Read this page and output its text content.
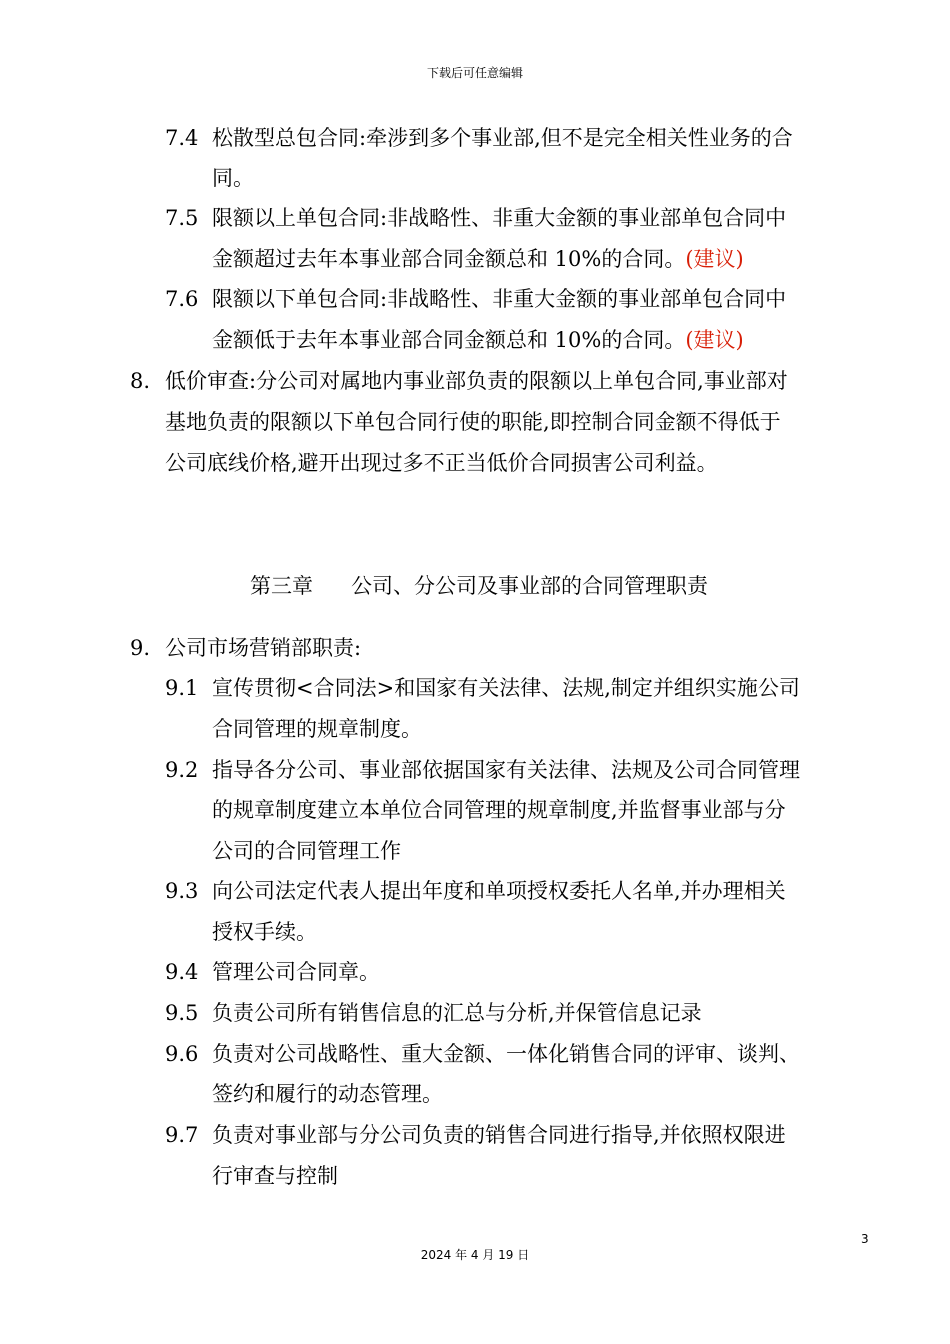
下载后可任意编辑
7.4 松散型总包合同:牵涉到多个事业部,但不是完全相关性业务的合
同。
7.5 限额以上单包合同:非战略性、非重大金额的事业部单包合同中
金额超过去年本事业部合同金额总和 10%的合同。(建议)
7.6 限额以下单包合同:非战略性、非重大金额的事业部单包合同中
金额低于去年本事业部合同金额总和 10%的合同。(建议)
8. 低价审查:分公司对属地内事业部负责的限额以上单包合同,事业部对
基地负责的限额以下单包合同行使的职能,即控制合同金额不得低于
公司底线价格,避开出现过多不正当低价合同损害公司利益。
第三章 公司、分公司及事业部的合同管理职责
9. 公司市场营销部职责:
9.1 宣传贯彻<合同法>和国家有关法律、法规,制定并组织实施公司
合同管理的规章制度。
9.2 指导各分公司、事业部依据国家有关法律、法规及公司合同管理
的规章制度建立本单位合同管理的规章制度,并监督事业部与分
公司的合同管理工作
9.3 向公司法定代表人提出年度和单项授权委托人名单,并办理相关
授权手续。
9.4 管理公司合同章。
9.5 负责公司所有销售信息的汇总与分析,并保管信息记录
9.6 负责对公司战略性、重大金额、一体化销售合同的评审、谈判、
签约和履行的动态管理。
9.7 负责对事业部与分公司负责的销售合同进行指导,并依照权限进
行审查与控制
3
2024 年 4 月 19 日
